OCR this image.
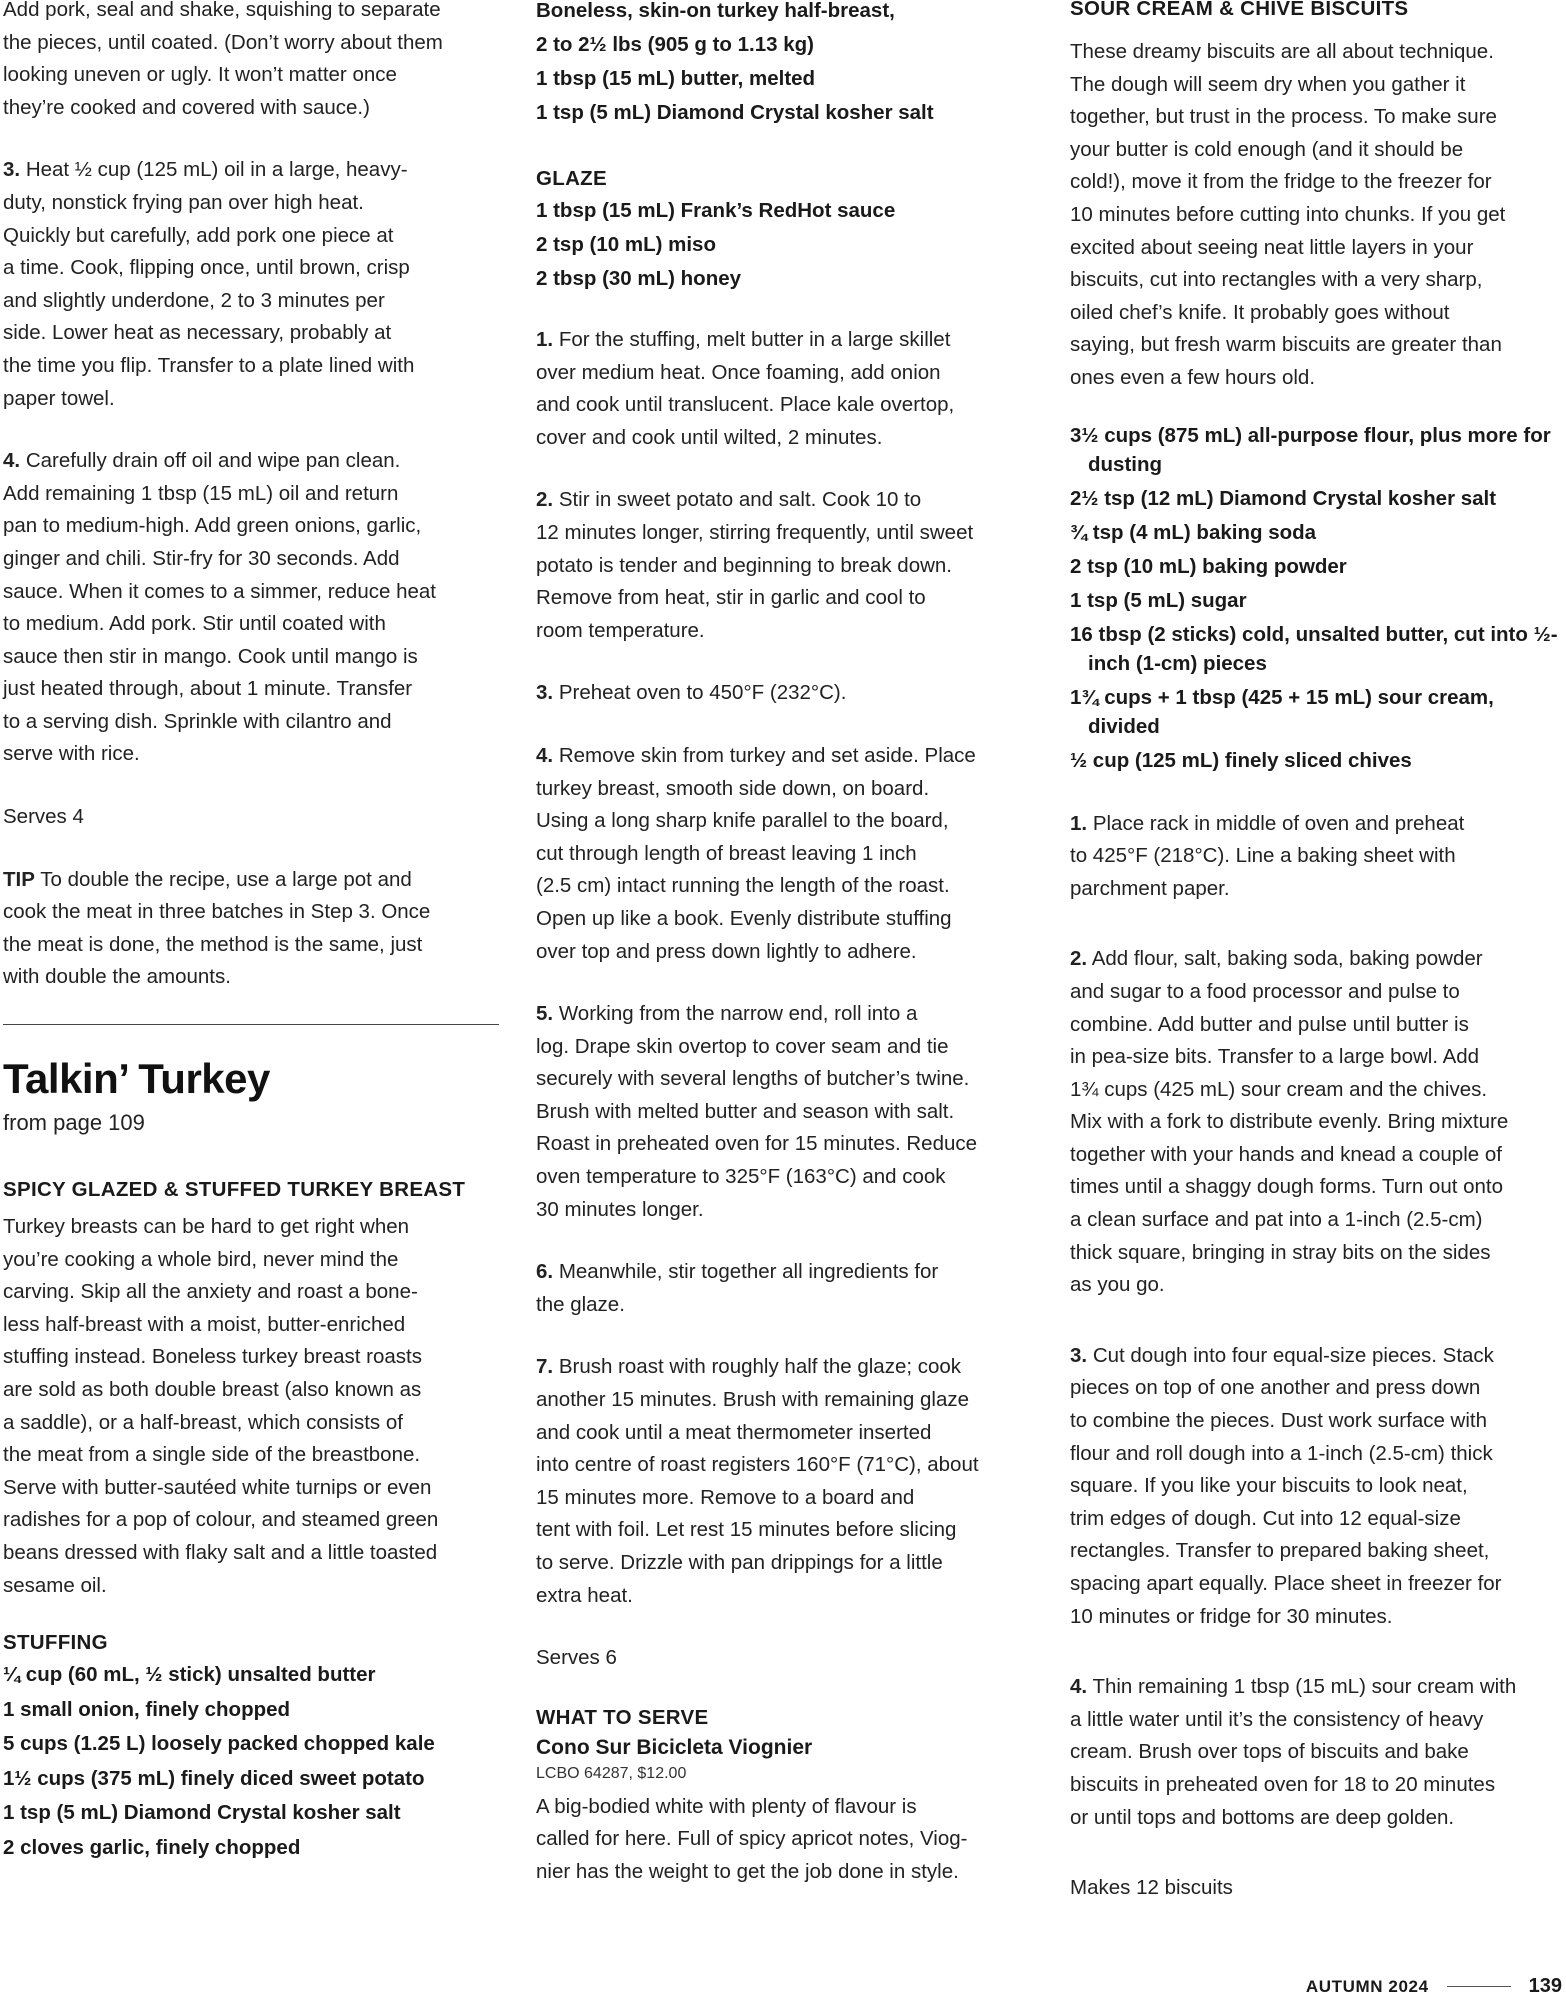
Add pork, seal and shake, squishing to separate
the pieces, until coated. (Don’t worry about them
looking uneven or ugly. It won’t matter once
they’re cooked and covered with sauce.)

3. Heat ½ cup (125 mL) oil in a large, heavy-
duty, nonstick frying pan over high heat.
Quickly but carefully, add pork one piece at
a time. Cook, flipping once, until brown, crisp
and slightly underdone, 2 to 3 minutes per
side. Lower heat as necessary, probably at
the time you flip. Transfer to a plate lined with
paper towel.

4. Carefully drain off oil and wipe pan clean.
Add remaining 1 tbsp (15 mL) oil and return
pan to medium-high. Add green onions, garlic,
ginger and chili. Stir-fry for 30 seconds. Add
sauce. When it comes to a simmer, reduce heat
to medium. Add pork. Stir until coated with
sauce then stir in mango. Cook until mango is
just heated through, about 1 minute. Transfer
to a serving dish. Sprinkle with cilantro and
serve with rice.

Serves 4

TIP To double the recipe, use a large pot and
cook the meat in three batches in Step 3. Once
the meat is done, the method is the same, just
with double the amounts.

Talkin’ Turkey

from page 109

SPICY GLAZED & STUFFED TURKEY BREAST

Turkey breasts can be hard to get right when
you’re cooking a whole bird, never mind the
carving. Skip all the anxiety and roast a bone-
less half-breast with a moist, butter-enriched
stuffing instead. Boneless turkey breast roasts
are sold as both double breast (also known as
a saddle), or a half-breast, which consists of
the meat from a single side of the breastbone.
Serve with butter-sautéed white turnips or even
radishes for a pop of colour, and steamed green
beans dressed with flaky salt and a little toasted
sesame oil.

STUFFING
¼ cup (60 mL, ½ stick) unsalted butter
1 small onion, finely chopped
5 cups (1.25 L) loosely packed chopped kale
1½ cups (375 mL) finely diced sweet potato
1 tsp (5 mL) Diamond Crystal kosher salt
2 cloves garlic, finely chopped
Boneless, skin-on turkey half-breast,
2 to 2½ lbs (905 g to 1.13 kg)
1 tbsp (15 mL) butter, melted
1 tsp (5 mL) Diamond Crystal kosher salt
GLAZE
1 tbsp (15 mL) Frank’s RedHot sauce
2 tsp (10 mL) miso
2 tbsp (30 mL) honey

1. For the stuffing, melt butter in a large skillet
over medium heat. Once foaming, add onion
and cook until translucent. Place kale overtop,
cover and cook until wilted, 2 minutes.

2. Stir in sweet potato and salt. Cook 10 to
12 minutes longer, stirring frequently, until sweet
potato is tender and beginning to break down.
Remove from heat, stir in garlic and cool to
room temperature.

3. Preheat oven to 450°F (232°C).

4. Remove skin from turkey and set aside. Place
turkey breast, smooth side down, on board.
Using a long sharp knife parallel to the board,
cut through length of breast leaving 1 inch
(2.5 cm) intact running the length of the roast.
Open up like a book. Evenly distribute stuffing
over top and press down lightly to adhere.

5. Working from the narrow end, roll into a
log. Drape skin overtop to cover seam and tie
securely with several lengths of butcher’s twine.
Brush with melted butter and season with salt.
Roast in preheated oven for 15 minutes. Reduce
oven temperature to 325°F (163°C) and cook
30 minutes longer.

6. Meanwhile, stir together all ingredients for
the glaze.

7. Brush roast with roughly half the glaze; cook
another 15 minutes. Brush with remaining glaze
and cook until a meat thermometer inserted
into centre of roast registers 160°F (71°C), about
15 minutes more. Remove to a board and
tent with foil. Let rest 15 minutes before slicing
to serve. Drizzle with pan drippings for a little
extra heat.

Serves 6

WHAT TO SERVE

Cono Sur Bicicleta Viognier

LCBO 64287, $12.00

A big-bodied white with plenty of flavour is
called for here. Full of spicy apricot notes, Viog-
nier has the weight to get the job done in style.

SOUR CREAM & CHIVE BISCUITS

These dreamy biscuits are all about technique.
The dough will seem dry when you gather it
together, but trust in the process. To make sure
your butter is cold enough (and it should be
cold!), move it from the fridge to the freezer for
10 minutes before cutting into chunks. If you get
excited about seeing neat little layers in your
biscuits, cut into rectangles with a very sharp,
oiled chef’s knife. It probably goes without
saying, but fresh warm biscuits are greater than
ones even a few hours old.

3½ cups (875 mL) all-purpose flour, plus more for dusting
2½ tsp (12 mL) Diamond Crystal kosher salt
¾ tsp (4 mL) baking soda
2 tsp (10 mL) baking powder
1 tsp (5 mL) sugar
16 tbsp (2 sticks) cold, unsalted butter, cut into ½-inch (1-cm) pieces
1¾ cups + 1 tbsp (425 + 15 mL) sour cream, divided
½ cup (125 mL) finely sliced chives

1. Place rack in middle of oven and preheat
to 425°F (218°C). Line a baking sheet with
parchment paper.

2. Add flour, salt, baking soda, baking powder
and sugar to a food processor and pulse to
combine. Add butter and pulse until butter is
in pea-size bits. Transfer to a large bowl. Add
1¾ cups (425 mL) sour cream and the chives.
Mix with a fork to distribute evenly. Bring mixture
together with your hands and knead a couple of
times until a shaggy dough forms. Turn out onto
a clean surface and pat into a 1-inch (2.5-cm)
thick square, bringing in stray bits on the sides
as you go.

3. Cut dough into four equal-size pieces. Stack
pieces on top of one another and press down
to combine the pieces. Dust work surface with
flour and roll dough into a 1-inch (2.5-cm) thick
square. If you like your biscuits to look neat,
trim edges of dough. Cut into 12 equal-size
rectangles. Transfer to prepared baking sheet,
spacing apart equally. Place sheet in freezer for
10 minutes or fridge for 30 minutes.

4. Thin remaining 1 tbsp (15 mL) sour cream with
a little water until it’s the consistency of heavy
cream. Brush over tops of biscuits and bake
biscuits in preheated oven for 18 to 20 minutes
or until tops and bottoms are deep golden.

Makes 12 biscuits

AUTUMN 2024	139
